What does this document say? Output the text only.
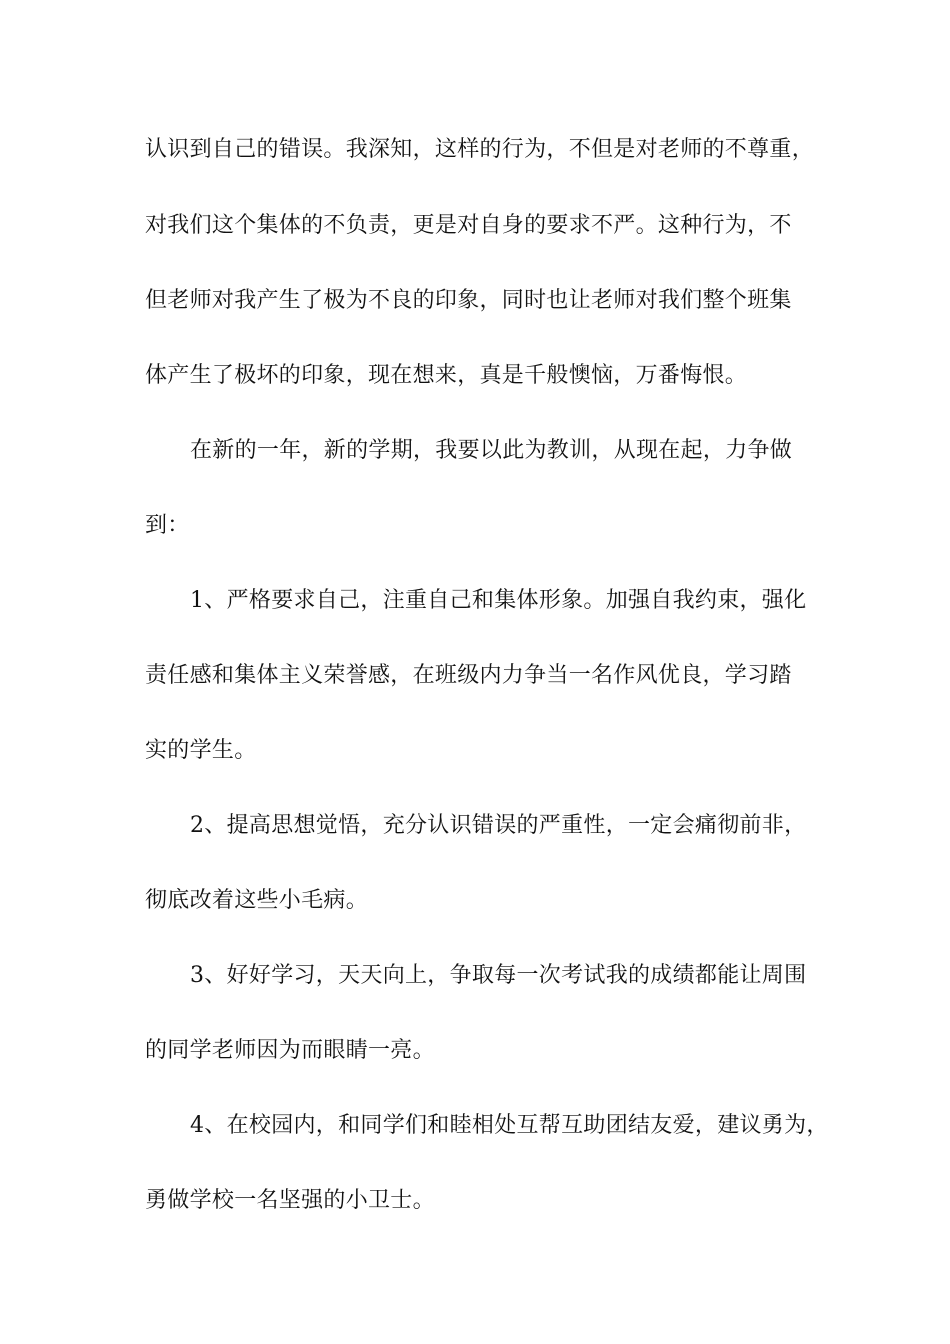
认识到自己的错误。我深知，这样的行为，不但是对老师的不尊重，
对我们这个集体的不负责，更是对自身的要求不严。这种行为，不
但老师对我产生了极为不良的印象，同时也让老师对我们整个班集
体产生了极坏的印象，现在想来，真是千般懊恼，万番悔恨。
在新的一年，新的学期，我要以此为教训，从现在起，力争做
到：
1、严格要求自己，注重自己和集体形象。加强自我约束，强化
责任感和集体主义荣誉感，在班级内力争当一名作风优良，学习踏
实的学生。
2、提高思想觉悟，充分认识错误的严重性，一定会痛彻前非，
彻底改着这些小毛病。
3、好好学习，天天向上，争取每一次考试我的成绩都能让周围
的同学老师因为而眼睛一亮。
4、在校园内，和同学们和睦相处互帮互助团结友爱，建议勇为，
勇做学校一名坚强的小卫士。
